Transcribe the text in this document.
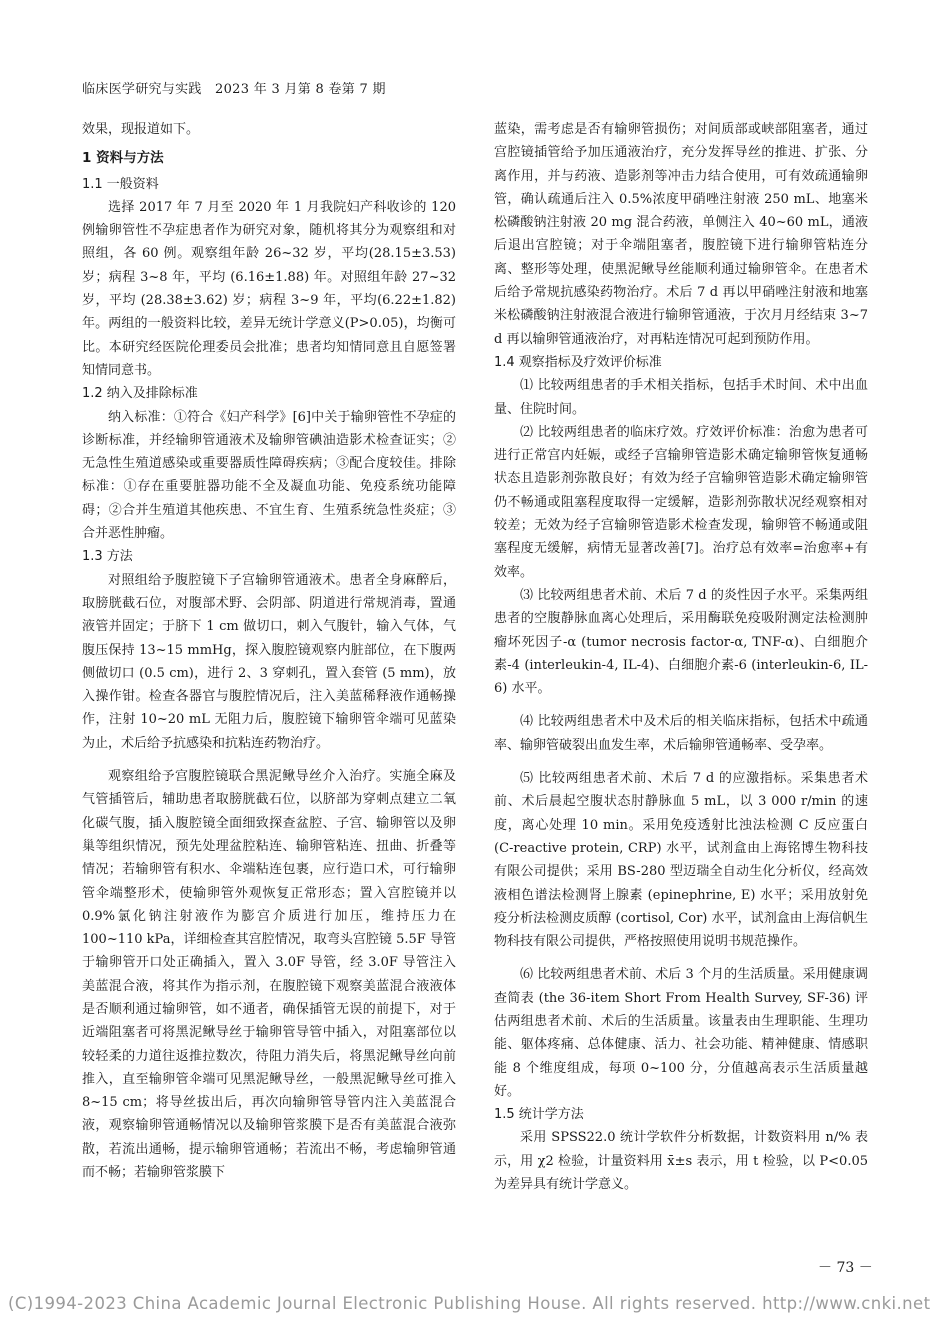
临床医学研究与实践　2023 年 3 月第 8 卷第 7 期

效果，现报道如下。

1 资料与方法
1.1 一般资料

选择 2017 年 7 月至 2020 年 1 月我院妇产科收诊的 120 例输卵管性不孕症患者作为研究对象，随机将其分为观察组和对照组，各 60 例。观察组年龄 26~32 岁，平均(28.15±3.53) 岁；病程 3~8 年，平均 (6.16±1.88) 年。对照组年龄 27~32 岁，平均 (28.38±3.62) 岁；病程 3~9 年，平均(6.22±1.82) 年。两组的一般资料比较，差异无统计学意义(P>0.05)，均衡可比。本研究经医院伦理委员会批准；患者均知情同意且自愿签署知情同意书。

1.2 纳入及排除标准

纳入标准：①符合《妇产科学》[6]中关于输卵管性不孕症的诊断标准，并经输卵管通液术及输卵管碘油造影术检查证实；②无急性生殖道感染或重要器质性障碍疾病；③配合度较佳。排除标准：①存在重要脏器功能不全及凝血功能、免疫系统功能障碍；②合并生殖道其他疾患、不宜生育、生殖系统急性炎症；③合并恶性肿瘤。

1.3 方法

对照组给予腹腔镜下子宫输卵管通液术。患者全身麻醉后，取膀胱截石位，对腹部术野、会阴部、阴道进行常规消毒，置通液管并固定；于脐下 1 cm 做切口，刺入气腹针，输入气体，气腹压保持 13~15 mmHg，探入腹腔镜观察内脏部位，在下腹两侧做切口 (0.5 cm)，进行 2、3 穿刺孔，置入套管 (5 mm)，放入操作钳。检查各器官与腹腔情况后，注入美蓝稀释液作通畅操作，注射 10~20 mL 无阻力后，腹腔镜下输卵管伞端可见蓝染为止，术后给予抗感染和抗粘连药物治疗。

观察组给予宫腹腔镜联合黑泥鳅导丝介入治疗。实施全麻及气管插管后，辅助患者取膀胱截石位，以脐部为穿刺点建立二氧化碳气腹，插入腹腔镜全面细致探查盆腔、子宫、输卵管以及卵巢等组织情况，预先处理盆腔粘连、输卵管粘连、扭曲、折叠等情况；若输卵管有积水、伞端粘连包裹，应行造口术，可行输卵管伞端整形术，使输卵管外观恢复正常形态；置入宫腔镜并以 0.9%氯化钠注射液作为膨宫介质进行加压，维持压力在 100~110 kPa，详细检查其宫腔情况，取弯头宫腔镜 5.5F 导管于输卵管开口处正确插入，置入 3.0F 导管，经 3.0F 导管注入美蓝混合液，将其作为指示剂，在腹腔镜下观察美蓝混合液液体是否顺利通过输卵管，如不通者，确保插管无误的前提下，对于近端阻塞者可将黑泥鳅导丝于输卵管导管中插入，对阻塞部位以较轻柔的力道往返推拉数次，待阻力消失后，将黑泥鳅导丝向前推入，直至输卵管伞端可见黑泥鳅导丝，一般黑泥鳅导丝可推入 8~15 cm；将导丝拔出后，再次向输卵管导管内注入美蓝混合液，观察输卵管通畅情况以及输卵管浆膜下是否有美蓝混合液弥散，若流出通畅，提示输卵管通畅；若流出不畅，考虑输卵管通而不畅；若输卵管浆膜下

蓝染，需考虑是否有输卵管损伤；对间质部或峡部阻塞者，通过宫腔镜插管给予加压通液治疗，充分发挥导丝的推进、扩张、分离作用，并与药液、造影剂等冲击力结合使用，可有效疏通输卵管，确认疏通后注入 0.5%浓度甲硝唑注射液 250 mL、地塞米松磷酸钠注射液 20 mg 混合药液，单侧注入 40~60 mL，通液后退出宫腔镜；对于伞端阻塞者，腹腔镜下进行输卵管粘连分离、整形等处理，使黑泥鳅导丝能顺利通过输卵管伞。在患者术后给予常规抗感染药物治疗。术后 7 d 再以甲硝唑注射液和地塞米松磷酸钠注射液混合液进行输卵管通液，于次月月经结束 3~7 d 再以输卵管通液治疗，对再粘连情况可起到预防作用。

1.4 观察指标及疗效评价标准

⑴ 比较两组患者的手术相关指标，包括手术时间、术中出血量、住院时间。

⑵ 比较两组患者的临床疗效。疗效评价标准：治愈为患者可进行正常宫内妊娠，或经子宫输卵管造影术确定输卵管恢复通畅状态且造影剂弥散良好；有效为经子宫输卵管造影术确定输卵管仍不畅通或阻塞程度取得一定缓解，造影剂弥散状况经观察相对较差；无效为经子宫输卵管造影术检查发现，输卵管不畅通或阻塞程度无缓解，病情无显著改善[7]。治疗总有效率=治愈率+有效率。

⑶ 比较两组患者术前、术后 7 d 的炎性因子水平。采集两组患者的空腹静脉血离心处理后，采用酶联免疫吸附测定法检测肿瘤坏死因子-α (tumor necrosis factor-α, TNF-α)、白细胞介素-4 (interleukin-4, IL-4)、白细胞介素-6 (interleukin-6, IL-6) 水平。

⑷ 比较两组患者术中及术后的相关临床指标，包括术中疏通率、输卵管破裂出血发生率，术后输卵管通畅率、受孕率。

⑸ 比较两组患者术前、术后 7 d 的应激指标。采集患者术前、术后晨起空腹状态肘静脉血 5 mL，以 3 000 r/min 的速度，离心处理 10 min。采用免疫透射比浊法检测 C 反应蛋白 (C-reactive protein, CRP) 水平，试剂盒由上海铭博生物科技有限公司提供；采用 BS-280 型迈瑞全自动生化分析仪，经高效液相色谱法检测肾上腺素 (epinephrine, E) 水平；采用放射免疫分析法检测皮质醇 (cortisol, Cor) 水平，试剂盒由上海信帆生物科技有限公司提供，严格按照使用说明书规范操作。

⑹ 比较两组患者术前、术后 3 个月的生活质量。采用健康调查简表 (the 36-item Short From Health Survey, SF-36) 评估两组患者术前、术后的生活质量。该量表由生理职能、生理功能、躯体疼痛、总体健康、活力、社会功能、精神健康、情感职能 8 个维度组成，每项 0~100 分，分值越高表示生活质量越好。

1.5 统计学方法

采用 SPSS22.0 统计学软件分析数据，计数资料用 n/% 表示，用 χ2 检验，计量资料用 x̄±s 表示，用 t 检验，以 P<0.05 为差异具有统计学意义。

－ 73 －
(C)1994-2023 China Academic Journal Electronic Publishing House. All rights reserved. http://www.cnki.net
